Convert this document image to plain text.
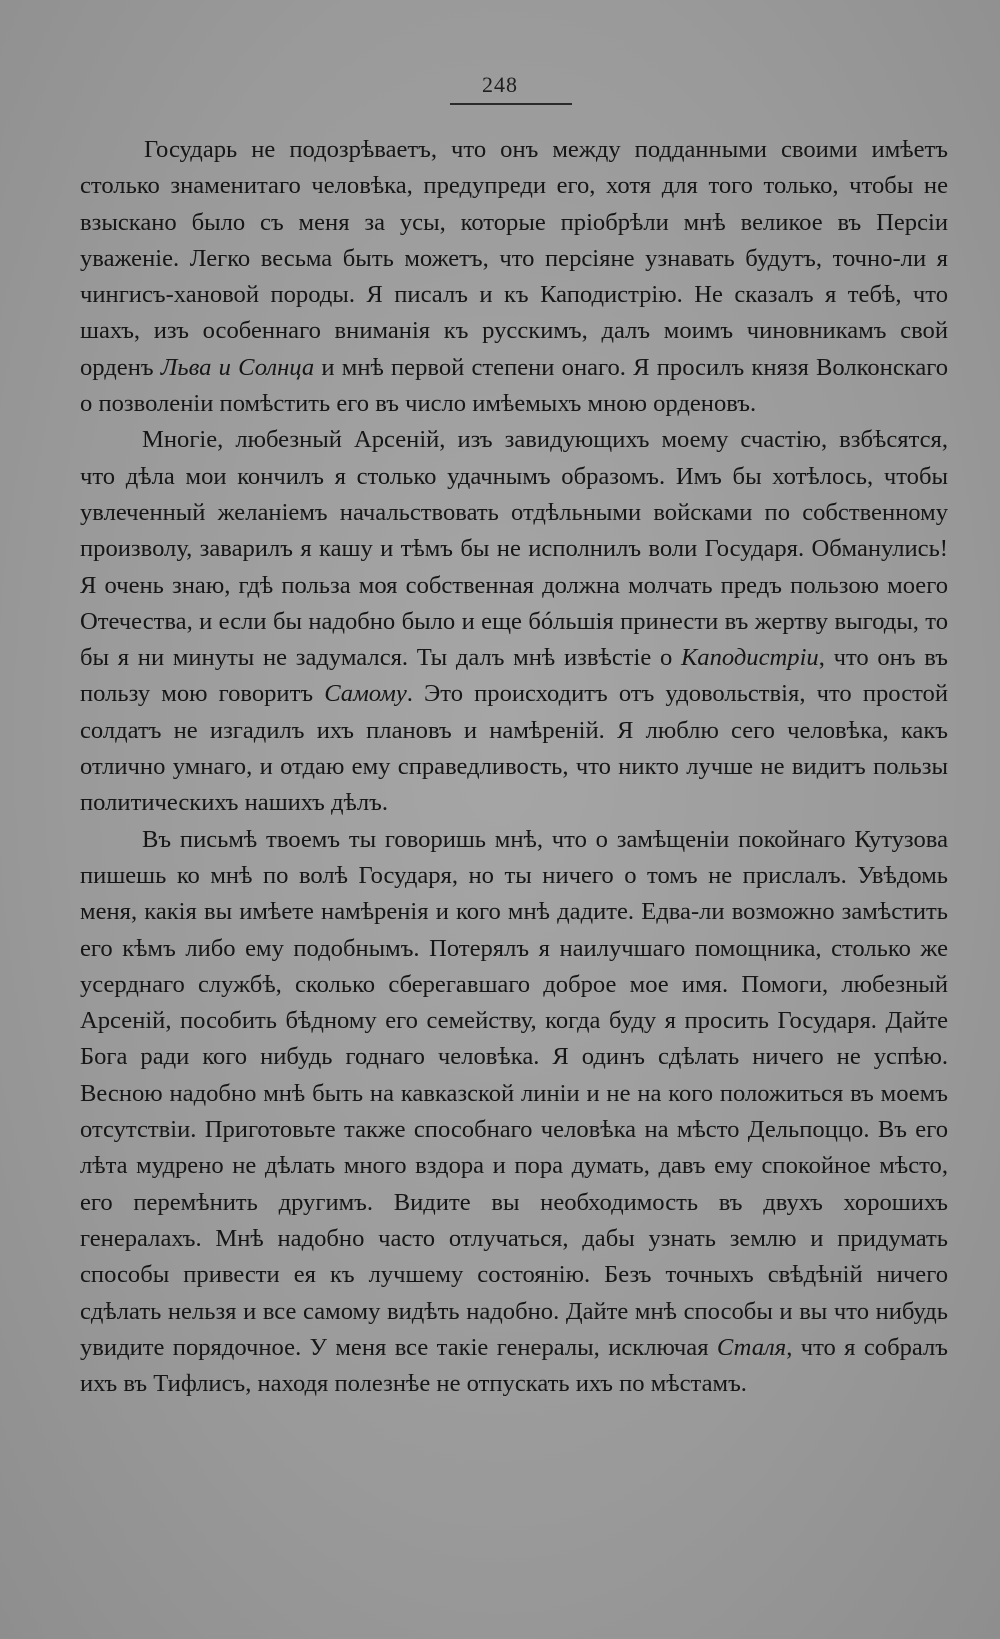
248

Государь не подозрѣваетъ, что онъ между подданными своими имѣетъ столько знаменитаго человѣка, предупреди его, хотя для того только, чтобы не взыскано было съ меня за усы, которые пріобрѣли мнѣ великое въ Персіи уваженіе. Легко весьма быть можетъ, что персіяне узнавать будутъ, точно-ли я чингисъ-хановой породы. Я писалъ и къ Каподистрію. Не сказалъ я тебѣ, что шахъ, изъ особеннаго вниманія къ русскимъ, далъ моимъ чиновникамъ свой орденъ Льва и Солнца и мнѣ первой степени онаго. Я просилъ князя Волконскаго о позволеніи помѣстить его въ число имѣемыхъ мною орденовъ.

Многіе, любезный Арсеній, изъ завидующихъ моему счастію, взбѣсятся, что дѣла мои кончилъ я столько удачнымъ образомъ. Имъ бы хотѣлось, чтобы увлеченный желаніемъ начальствовать отдѣльными войсками по собственному произволу, заварилъ я кашу и тѣмъ бы не исполнилъ воли Государя. Обманулись! Я очень знаю, гдѣ польза моя собственная должна молчать предъ пользою моего Отечества, и если бы надобно было и еще бóльшія принести въ жертву выгоды, то бы я ни минуты не задумался. Ты далъ мнѣ извѣстіе о Каподистріи, что онъ въ пользу мою говоритъ Самому. Это происходитъ отъ удовольствія, что простой солдатъ не изгадилъ ихъ плановъ и намѣреній. Я люблю сего человѣка, какъ отлично умнаго, и отдаю ему справедливость, что никто лучше не видитъ пользы политическихъ нашихъ дѣлъ.

Въ письмѣ твоемъ ты говоришь мнѣ, что о замѣщеніи покойнаго Кутузова пишешь ко мнѣ по волѣ Государя, но ты ничего о томъ не прислалъ. Увѣдомь меня, какія вы имѣете намѣренія и кого мнѣ дадите. Едва-ли возможно замѣстить его кѣмъ либо ему подобнымъ. Потерялъ я наилучшаго помощника, столько же усерднаго службѣ, сколько сберегавшаго доброе мое имя. Помоги, любезный Арсеній, пособить бѣдному его семейству, когда буду я просить Государя. Дайте Бога ради кого нибудь годнаго человѣка. Я одинъ сдѣлать ничего не успѣю. Весною надобно мнѣ быть на кавказской линіи и не на кого положиться въ моемъ отсутствіи. Приготовьте также способнаго человѣка на мѣсто Дельпоццо. Въ его лѣта мудрено не дѣлать много вздора и пора думать, давъ ему спокойное мѣсто, его перемѣнить другимъ. Видите вы необходимость въ двухъ хорошихъ генералахъ. Мнѣ надобно часто отлучаться, дабы узнать землю и придумать способы привести ея къ лучшему состоянію. Безъ точныхъ свѣдѣній ничего сдѣлать нельзя и все самому видѣть надобно. Дайте мнѣ способы и вы что нибудь увидите порядочное. У меня все такіе генералы, исключая Сталя, что я собралъ ихъ въ Тифлисъ, находя полезнѣе не отпускать ихъ по мѣстамъ.
